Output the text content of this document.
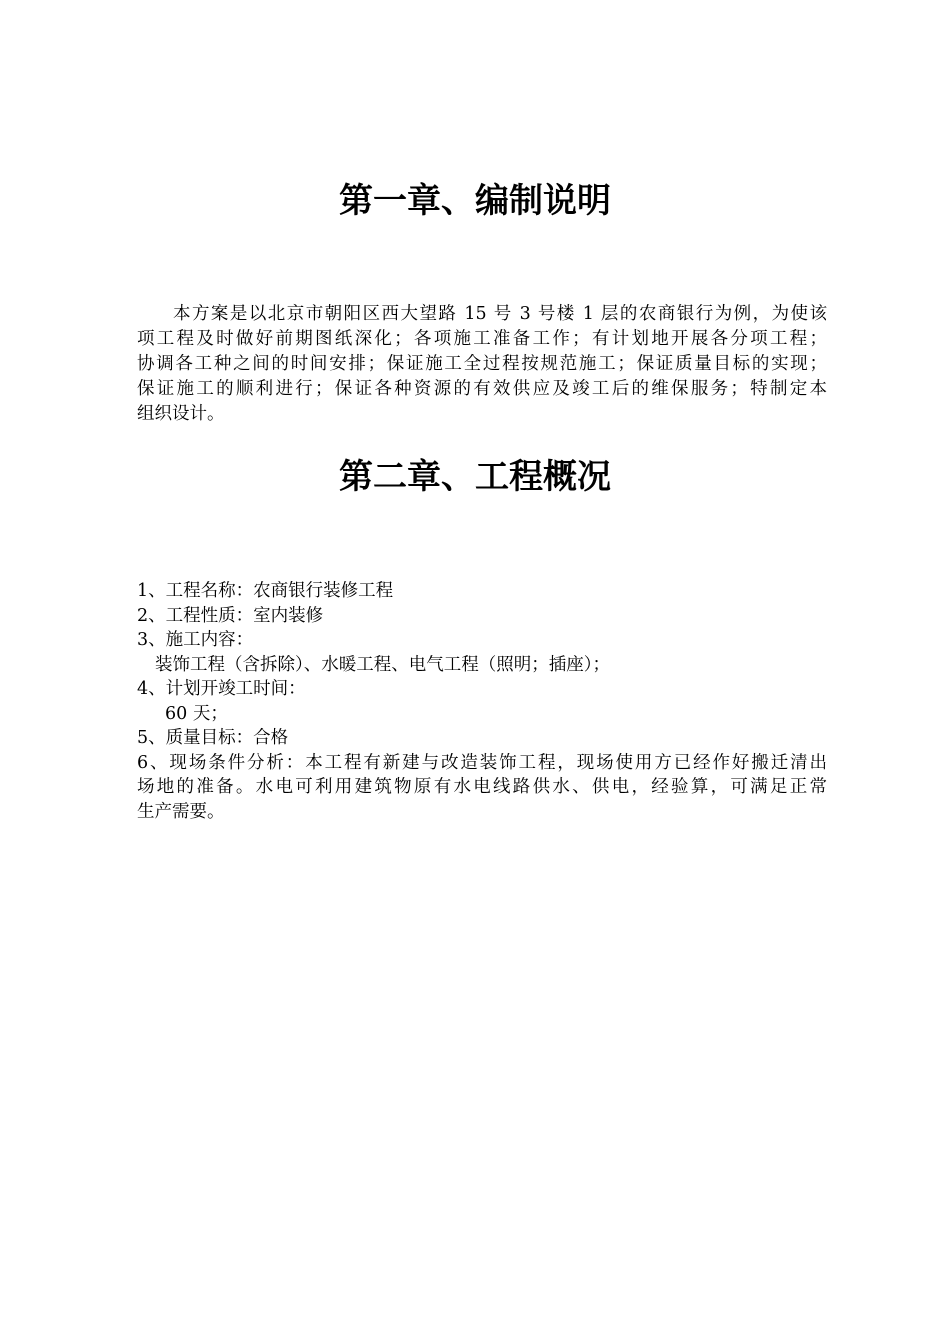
第一章、编制说明
本方案是以北京市朝阳区西大望路 15 号 3 号楼 1 层的农商银行为例，为使该
项工程及时做好前期图纸深化；各项施工准备工作；有计划地开展各分项工程；
协调各工种之间的时间安排；保证施工全过程按规范施工；保证质量目标的实现；
保证施工的顺利进行；保证各种资源的有效供应及竣工后的维保服务；特制定本
组织设计。
第二章、工程概况
1、工程名称：农商银行装修工程
2、工程性质：室内装修
3、施工内容：
装饰工程（含拆除）、水暖工程、电气工程（照明；插座）；
4、计划开竣工时间：
60 天；
5、质量目标：合格
6、现场条件分析：本工程有新建与改造装饰工程，现场使用方已经作好搬迁清出
场地的准备。水电可利用建筑物原有水电线路供水、供电，经验算，可满足正常
生产需要。
